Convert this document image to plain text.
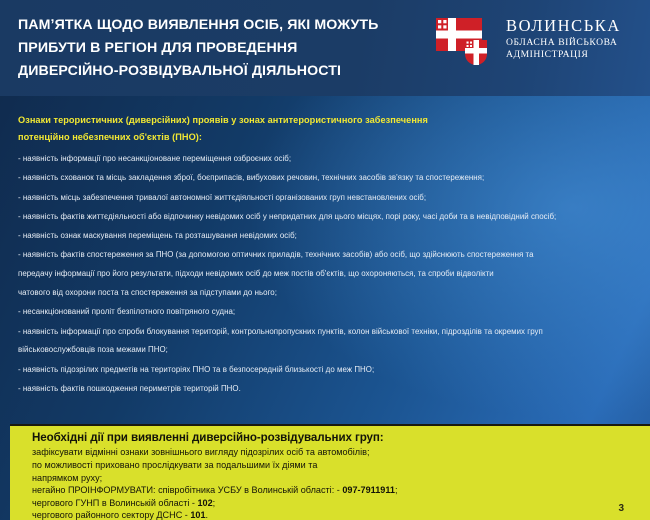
ПАМʼЯТКА ЩОДО ВИЯВЛЕННЯ ОСІБ, ЯКІ МОЖУТЬ
ПРИБУТИ В РЕГІОН ДЛЯ ПРОВЕДЕННЯ
ДИВЕРСІЙНО-РОЗВІДУВАЛЬНОЇ ДІЯЛЬНОСТІ
ВОЛИНСЬКА
ОБЛАСНА ВІЙСЬКОВА
АДМІНІСТРАЦІЯ
Ознаки терористичних (диверсійних) проявів у зонах антитерористичного забезпечення
потенційно небезпечних об'єктів (ПНО):

- наявність інформації про несанкціоноване переміщення озброєних осіб;

- наявність схованок та місць закладення зброї, боєприпасів, вибухових речовин, технічних засобів зв'язку та спостереження;

- наявність місць забезпечення тривалої автономної життєдіяльності організованих груп невстановлених осіб;

- наявність фактів життєдіяльності або відпочинку невідомих осіб у непридатних для цього місцях, порі року, часі доби та в невідповідний спосіб;

- наявність ознак маскування переміщень та розташування невідомих осіб;

- наявність фактів спостереження за ПНО (за допомогою оптичних приладів, технічних засобів) або осіб, що здійснюють спостереження та

передачу інформації про його результати, підходи невідомих осіб до меж постів об'єктів, що охороняються, та спроби відволікти

чатового від охорони поста та спостереження за підступами до нього;

- несанкціонований проліт безпілотного повітряного судна;

- наявність інформації про спроби блокування територій, контрольнопропускних пунктів, колон військової техніки, підрозділів та окремих груп

військовослужбовців поза межами ПНО;

- наявність підозрілих предметів на територіях ПНО та в безпосередній близькості до меж ПНО;

- наявність фактів пошкодження периметрів територій ПНО.

Необхідні дії при виявленні диверсійно-розвідувальних груп:
зафіксувати відмінні ознаки зовнішнього вигляду підозрілих осіб та автомобілів;
по можливості приховано прослідкувати за подальшими їх діями та
напрямком руху;
негайно ПРОІНФОРМУВАТИ: співробітника УСБУ в Волинській області: - 097-7911911;
чергового ГУНП в Волинській області - 102;
чергового районного сектору ДСНС - 101.
3
